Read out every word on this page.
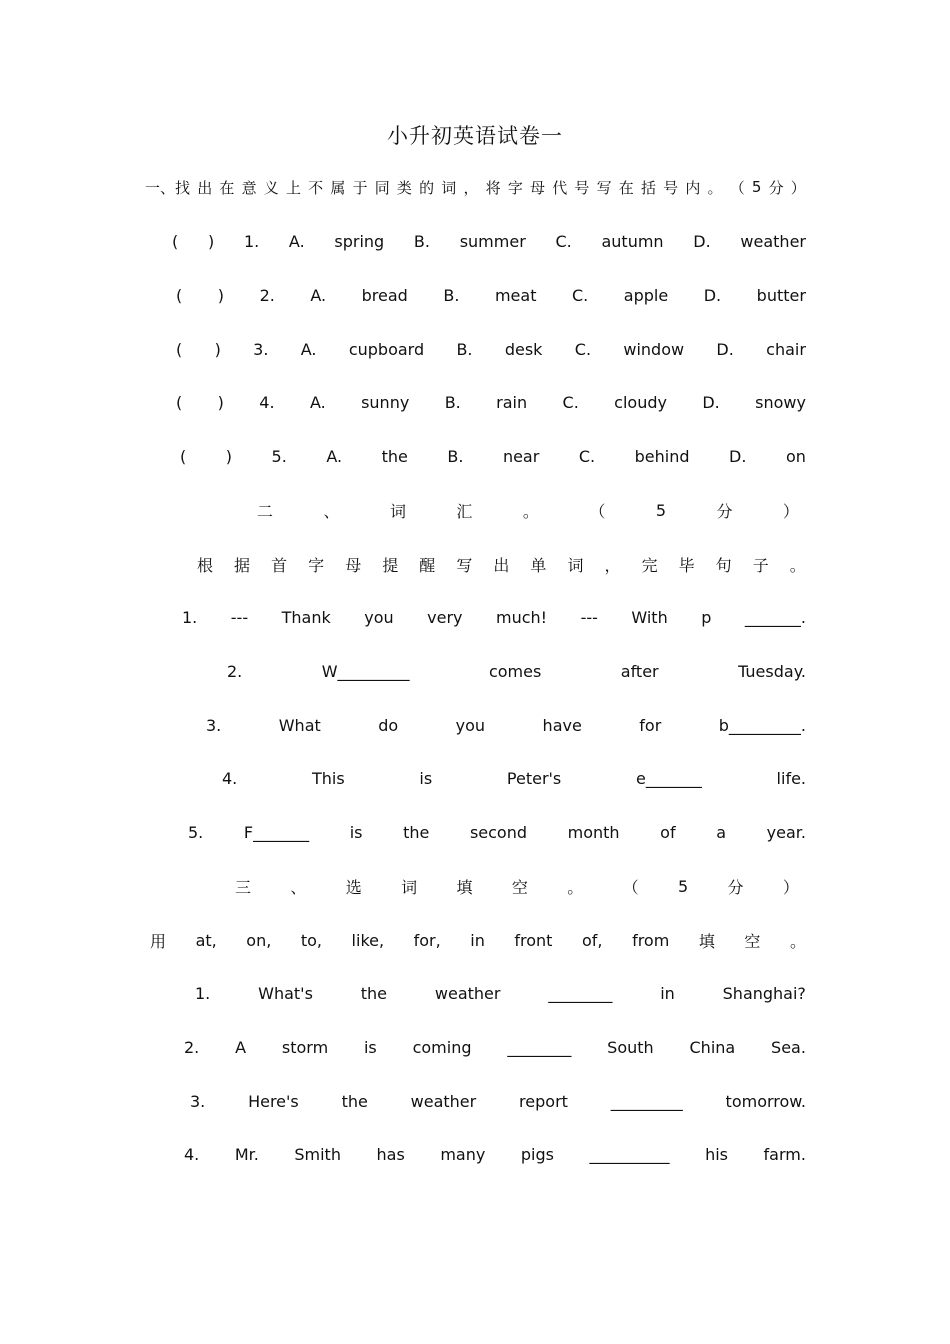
小升初英语试卷一
一、找 出 在 意 义 上 不 属 于 同 类 的 词 ， 将 字 母 代 号 写 在 括 号 内 。 （ 5 分 ）
( ) 1. A. spring B. summer C. autumn D. weather
( ) 2. A. bread B. meat C. apple D. butter
( ) 3. A. cupboard B. desk C. window D. chair
( ) 4. A. sunny B. rain C. cloudy D. snowy
( ) 5. A. the B. near C. behind D. on
二	、	词	汇	。	（	5	分	）
根 据 首 字 母 提 醒 写 出 单 词 ， 完 毕 句 子 。
1. --- Thank you very much! --- With p _______.
2.	W_________	comes	after	Tuesday.
3.	What	do	you	have	for	b_________.
4.	This	is	Peter's	e_______	life.
5.	F_______	is	the	second	month	of	a	year.
三 、 选 词 填 空 。 （ 5 分 ）
用 at, on, to, like, for, in front of, from 填 空 。
1.	What's	the	weather	________	in	Shanghai?
2. A storm is coming ________ South China Sea.
3.	Here's	the	weather	report	_________	tomorrow.
4. Mr. Smith has many pigs __________ his farm.
